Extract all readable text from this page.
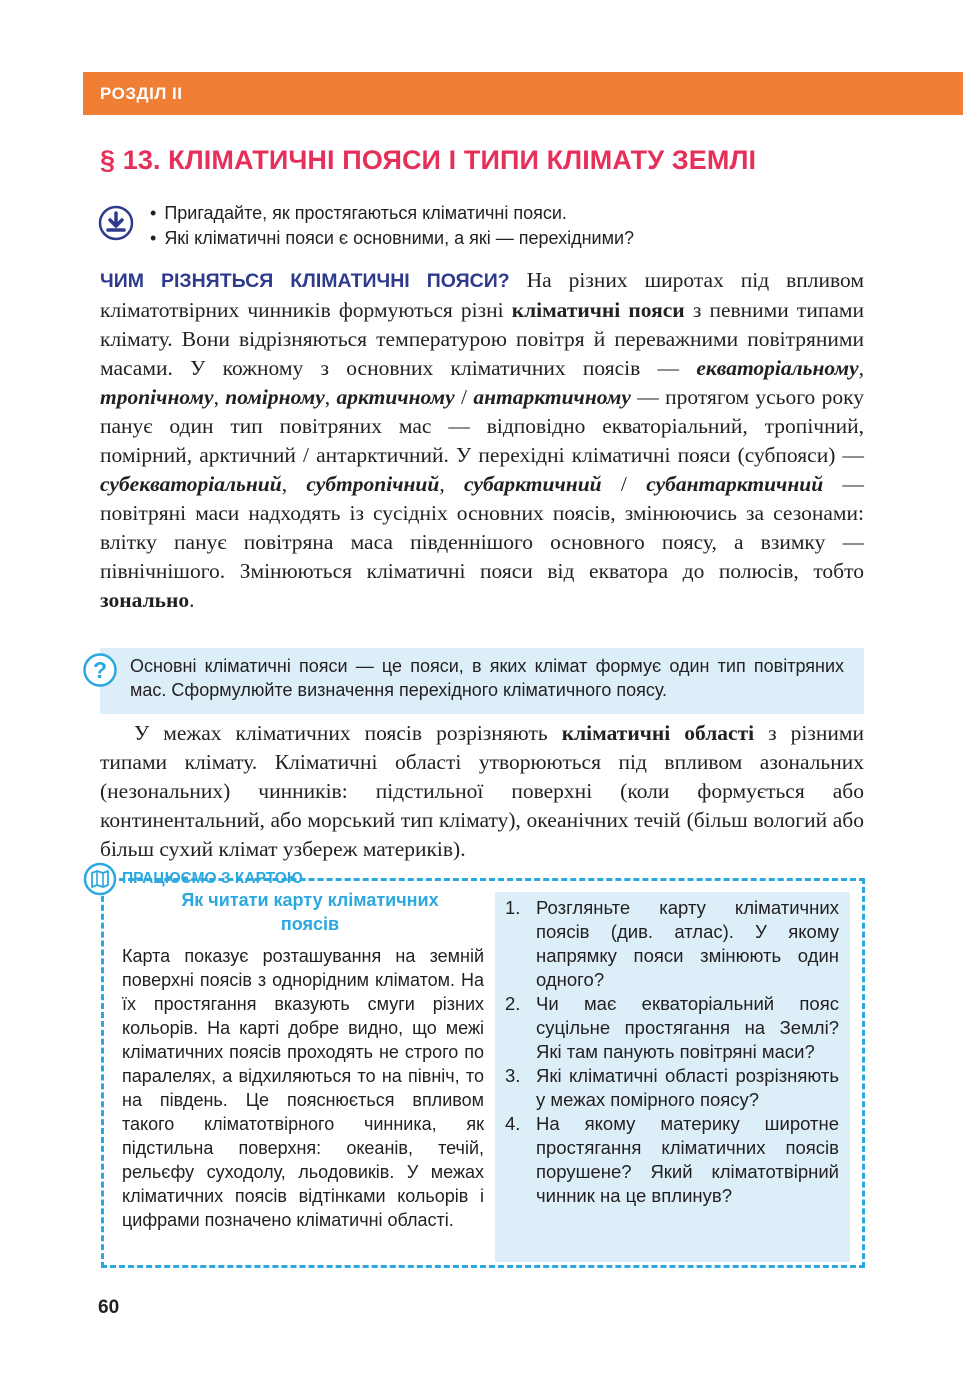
РОЗДІЛ II
§ 13. КЛІМАТИЧНІ ПОЯСИ І ТИПИ КЛІМАТУ ЗЕМЛІ
• Пригадайте, як простягаються кліматичні пояси.
• Які кліматичні пояси є основними, а які — перехідними?

ЧИМ РІЗНЯТЬСЯ КЛІМАТИЧНІ ПОЯСИ? На різних широтах під впливом кліматотвірних чинників формуються різні кліматичні пояси з певними типами клімату. Вони відрізняються температурою повітря й переважними повітряними масами. У кожному з основних кліматичних поясів — екваторіальному, тропічному, помірному, арктичному / антарктичному — протягом усього року панує один тип повітряних мас — відповідно екваторіальний, тропічний, помірний, арктичний / антарктичний. У перехідні кліматичні пояси (субпояси) — субекваторіальний, субтропічний, субарктичний / субантарктичний — повітряні маси надходять із сусідніх основних поясів, змінюючись за сезонами: влітку панує повітряна маса південнішого основного поясу, а взимку — північнішого. Змінюються кліматичні пояси від екватора до полюсів, тобто зонально.

? Основні кліматичні пояси — це пояси, в яких клімат формує один тип повітряних мас. Сформулюйте визначення перехідного кліматичного поясу.

У межах кліматичних поясів розрізняють кліматичні області з різними типами клімату. Кліматичні області утворюються під впливом азональних (незональних) чинників: підстильної поверхні (коли формується або континентальний, або морський тип клімату), океанічних течій (більш вологий або більш сухий клімат узбереж материків).

ПРАЦЮЄМО З КАРТОЮ
Як читати карту кліматичних поясів

Карта показує розташування на земній поверхні поясів з однорідним кліматом. На їх простягання вказують смуги різних кольорів. На карті добре видно, що межі кліматичних поясів проходять не строго по паралелях, а відхиляються то на північ, то на південь. Це пояснюється впливом такого кліматотвірного чинника, як підстильна поверхня: океанів, течій, рельєфу суходолу, льодовиків. У межах кліматичних поясів відтінками кольорів і цифрами позначено кліматичні області.

1. Розгляньте карту кліматичних поясів (див. атлас). У якому напрямку пояси змінюють один одного?
2. Чи має екваторіальний пояс суцільне простягання на Землі? Які там панують повітряні маси?
3. Які кліматичні області розрізняють у межах помірного поясу?
4. На якому материку широтне простягання кліматичних поясів порушене? Який кліматотвірний чинник на це вплинув?
60
